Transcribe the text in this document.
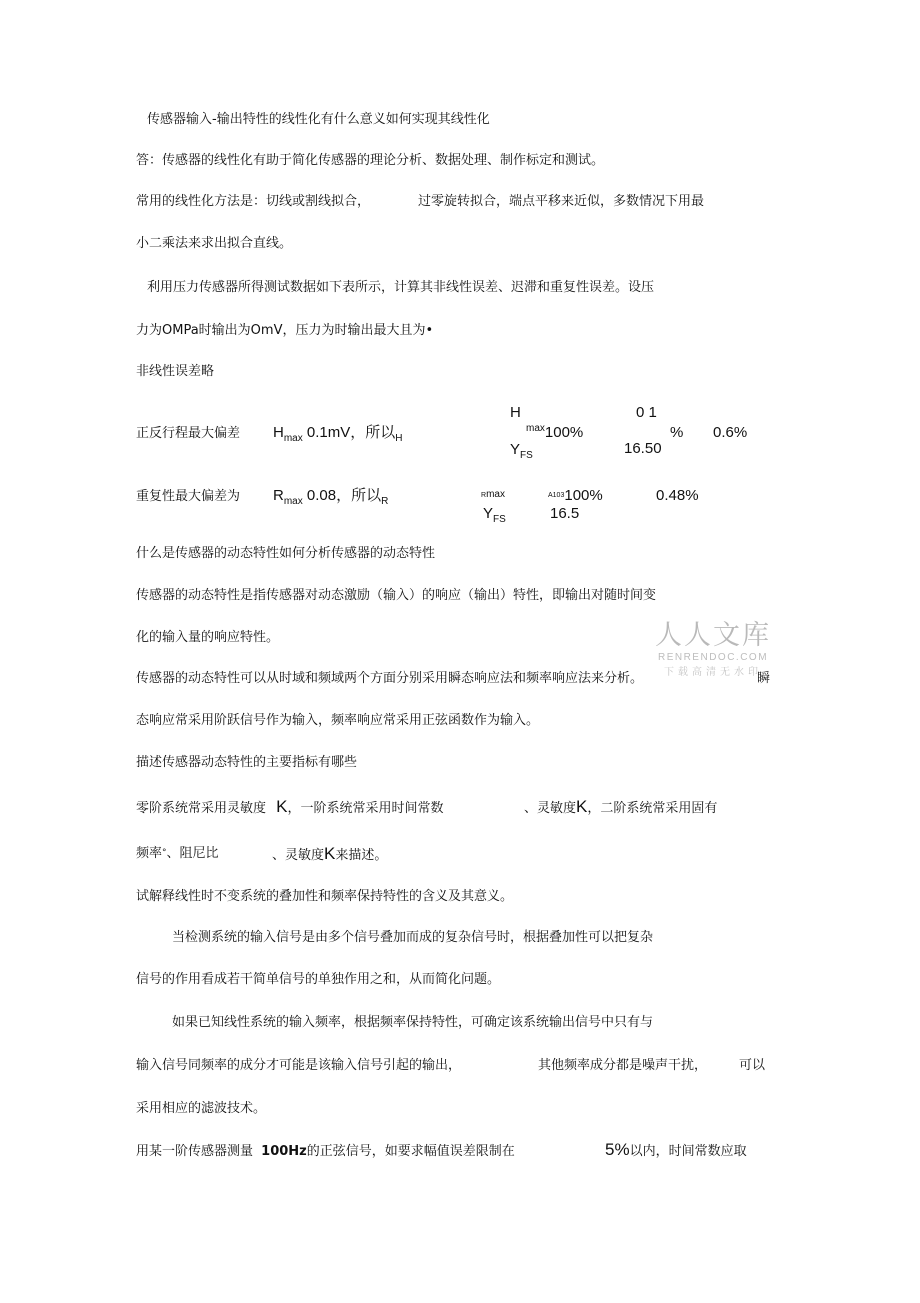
传感器输入-输出特性的线性化有什么意义如何实现其线性化
答：传感器的线性化有助于简化传感器的理论分析、数据处理、制作标定和测试。
常用的线性化方法是：切线或割线拟合，	过零旋转拟合，端点平移来近似，多数情况下用最
小二乘法来求出拟合直线。
利用压力传感器所得测试数据如下表所示，计算其非线性误差、迟滞和重复性误差。设压
力为OMPa时输出为OmV，压力为时输出最大且为•
非线性误差略
正反行程最大偏差 $H_{max}$ 0.1mV，所以$_H$
H
$^{max}$100%
$Y_{FS}$
0 1
16.50
% 0.6%
重复性最大偏差为 $R_{max}$ 0.08，所以$_R$
Rmax	$^{A103}$100%
$Y_{FS}$	16.5
0.48%
什么是传感器的动态特性如何分析传感器的动态特性
传感器的动态特性是指传感器对动态激励（输入）的响应（输出）特性，即输出对随时间变
化的输入量的响应特性。
传感器的动态特性可以从时域和频域两个方面分别采用瞬态响应法和频率响应法来分析。	瞬
态响应常采用阶跃信号作为输入，频率响应常采用正弦函数作为输入。
描述传感器动态特性的主要指标有哪些
零阶系统常采用灵敏度 K，一阶系统常采用时间常数	、灵敏度K，二阶系统常采用固有
频率°、阻尼比	、灵敏度K来描述。
试解释线性时不变系统的叠加性和频率保持特性的含义及其意义。
当检测系统的输入信号是由多个信号叠加而成的复杂信号时，根据叠加性可以把复杂
信号的作用看成若干简单信号的单独作用之和，从而简化问题。
如果已知线性系统的输入频率，根据频率保持特性，可确定该系统输出信号中只有与
输入信号同频率的成分才可能是该输入信号引起的输出，	其他频率成分都是噪声干扰， 可以
采用相应的滤波技术。
用某一阶传感器测量 100Hz的正弦信号，如要求幅值误差限制在	5%以内，时间常数应取
人人文库
RENRENDOC.COM
下载高清无水印
